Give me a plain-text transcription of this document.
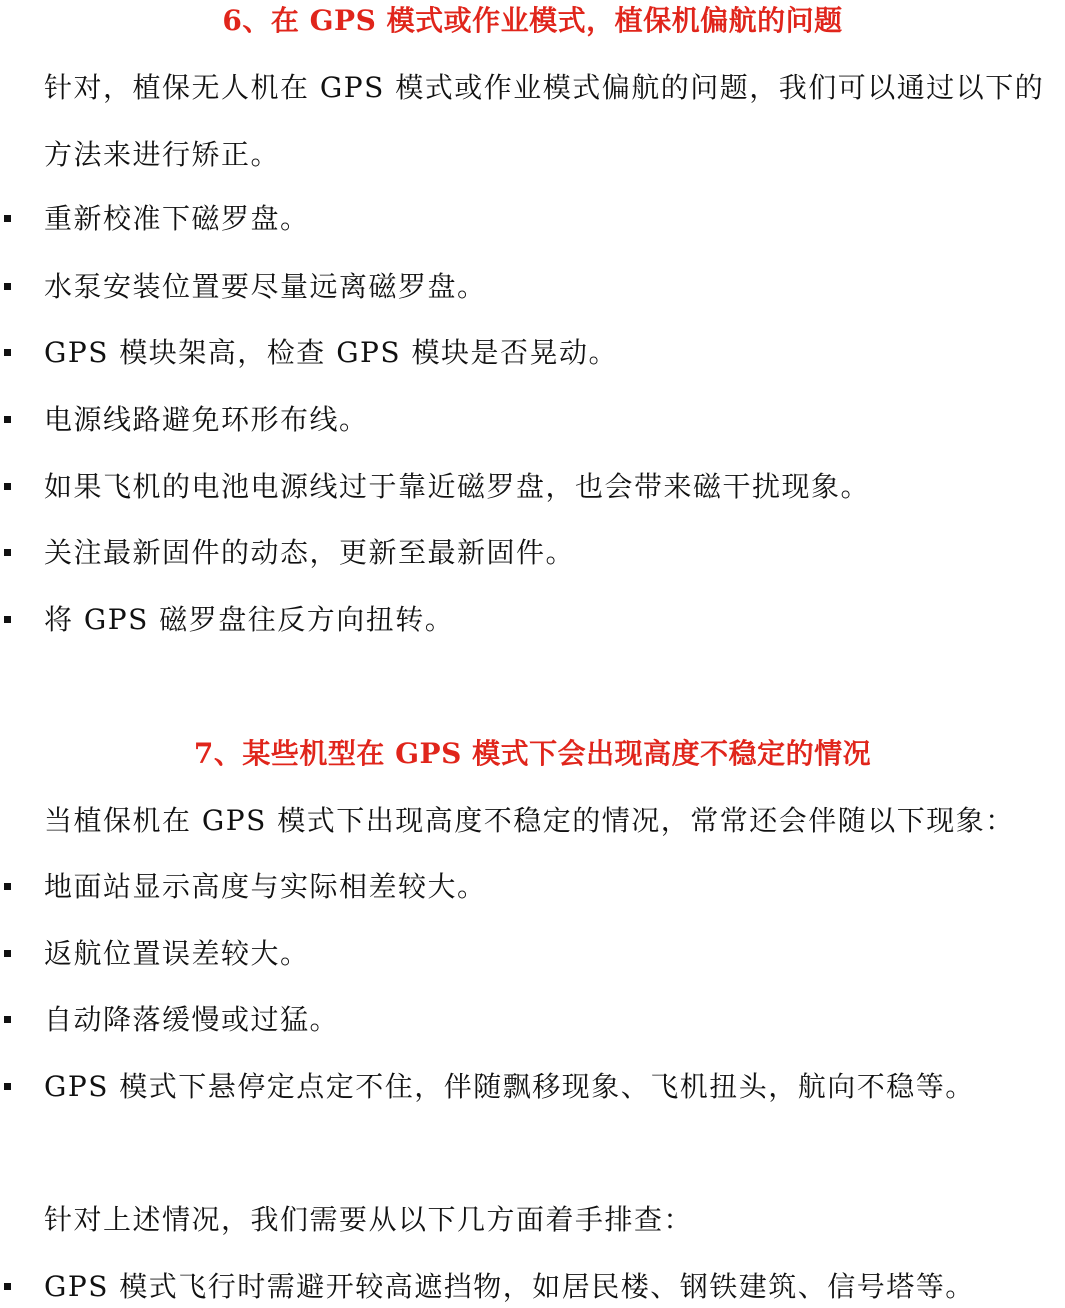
6、在 GPS 模式或作业模式，植保机偏航的问题

针对，植保无人机在 GPS 模式或作业模式偏航的问题，我们可以通过以下的方法来进行矫正。

重新校准下磁罗盘。
水泵安装位置要尽量远离磁罗盘。
GPS 模块架高，检查 GPS 模块是否晃动。
电源线路避免环形布线。
如果飞机的电池电源线过于靠近磁罗盘，也会带来磁干扰现象。
关注最新固件的动态，更新至最新固件。
将 GPS 磁罗盘往反方向扭转。
7、某些机型在 GPS 模式下会出现高度不稳定的情况
当植保机在 GPS 模式下出现高度不稳定的情况，常常还会伴随以下现象：
地面站显示高度与实际相差较大。
返航位置误差较大。
自动降落缓慢或过猛。
GPS 模式下悬停定点定不住，伴随飘移现象、飞机扭头，航向不稳等。
针对上述情况，我们需要从以下几方面着手排查：
GPS 模式飞行时需避开较高遮挡物，如居民楼、钢铁建筑、信号塔等。
